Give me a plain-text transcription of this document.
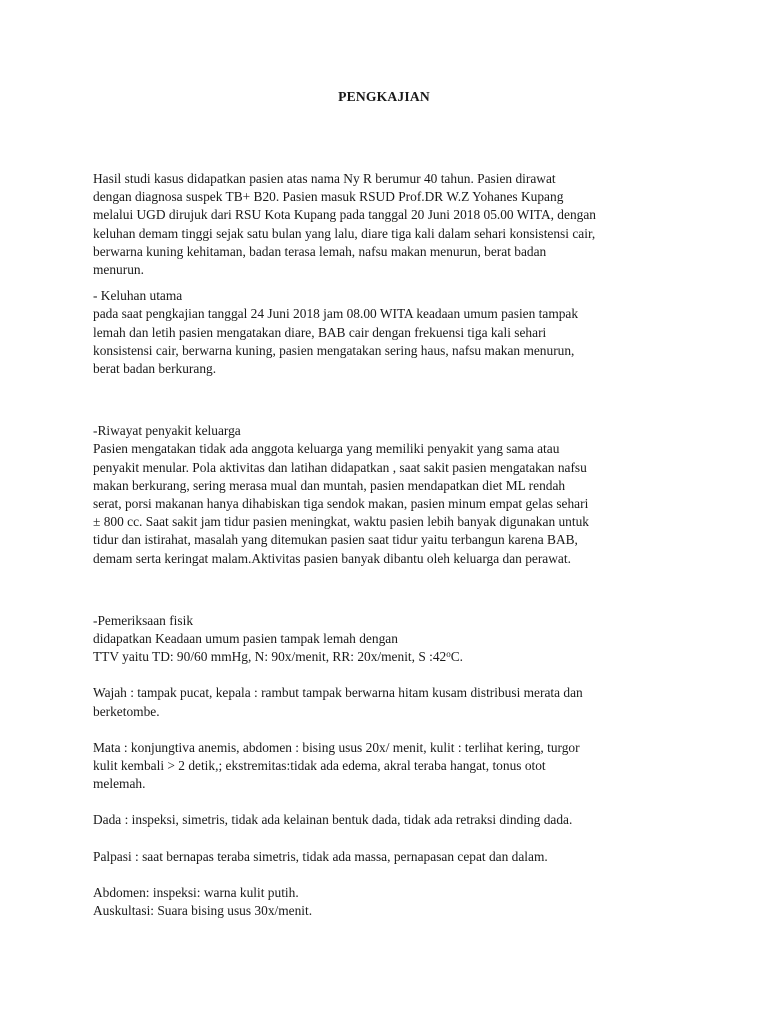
PENGKAJIAN
Hasil studi kasus didapatkan pasien atas nama Ny R berumur 40 tahun. Pasien dirawat
dengan diagnosa suspek TB+ B20. Pasien masuk RSUD Prof.DR W.Z Yohanes Kupang
melalui UGD dirujuk dari RSU Kota Kupang pada tanggal 20 Juni 2018 05.00 WITA, dengan
keluhan demam tinggi sejak satu bulan yang lalu, diare tiga kali dalam sehari konsistensi cair,
berwarna kuning kehitaman, badan terasa lemah, nafsu makan menurun, berat badan
menurun.
- Keluhan utama
pada saat pengkajian tanggal 24 Juni 2018 jam 08.00 WITA keadaan umum pasien tampak
lemah dan letih pasien mengatakan diare, BAB cair dengan frekuensi tiga kali sehari
konsistensi cair, berwarna kuning, pasien mengatakan sering haus, nafsu makan menurun,
berat badan berkurang.
-Riwayat penyakit keluarga
Pasien mengatakan tidak ada anggota keluarga yang memiliki penyakit yang sama atau
penyakit menular. Pola aktivitas dan latihan didapatkan , saat sakit pasien mengatakan nafsu
makan berkurang, sering merasa mual dan muntah, pasien mendapatkan diet ML rendah
serat, porsi makanan hanya dihabiskan tiga sendok makan, pasien minum empat gelas sehari
± 800 cc. Saat sakit jam tidur pasien meningkat, waktu pasien lebih banyak digunakan untuk
tidur dan istirahat, masalah yang ditemukan pasien saat tidur yaitu terbangun karena BAB,
demam serta keringat malam.Aktivitas pasien banyak dibantu oleh keluarga dan perawat.
-Pemeriksaan fisik
didapatkan Keadaan umum pasien tampak lemah dengan
TTV yaitu TD: 90/60 mmHg, N: 90x/menit, RR: 20x/menit, S :42$^o$C.
Wajah : tampak pucat, kepala : rambut tampak berwarna hitam kusam distribusi merata dan
berketombe.
Mata : konjungtiva anemis, abdomen : bising usus 20x/ menit, kulit : terlihat kering, turgor
kulit kembali > 2 detik,; ekstremitas:tidak ada edema, akral teraba hangat, tonus otot
melemah.
Dada : inspeksi, simetris, tidak ada kelainan bentuk dada, tidak ada retraksi dinding dada.
Palpasi : saat bernapas teraba simetris, tidak ada massa, pernapasan cepat dan dalam.
Abdomen: inspeksi: warna kulit putih.
Auskultasi: Suara bising usus 30x/menit.
